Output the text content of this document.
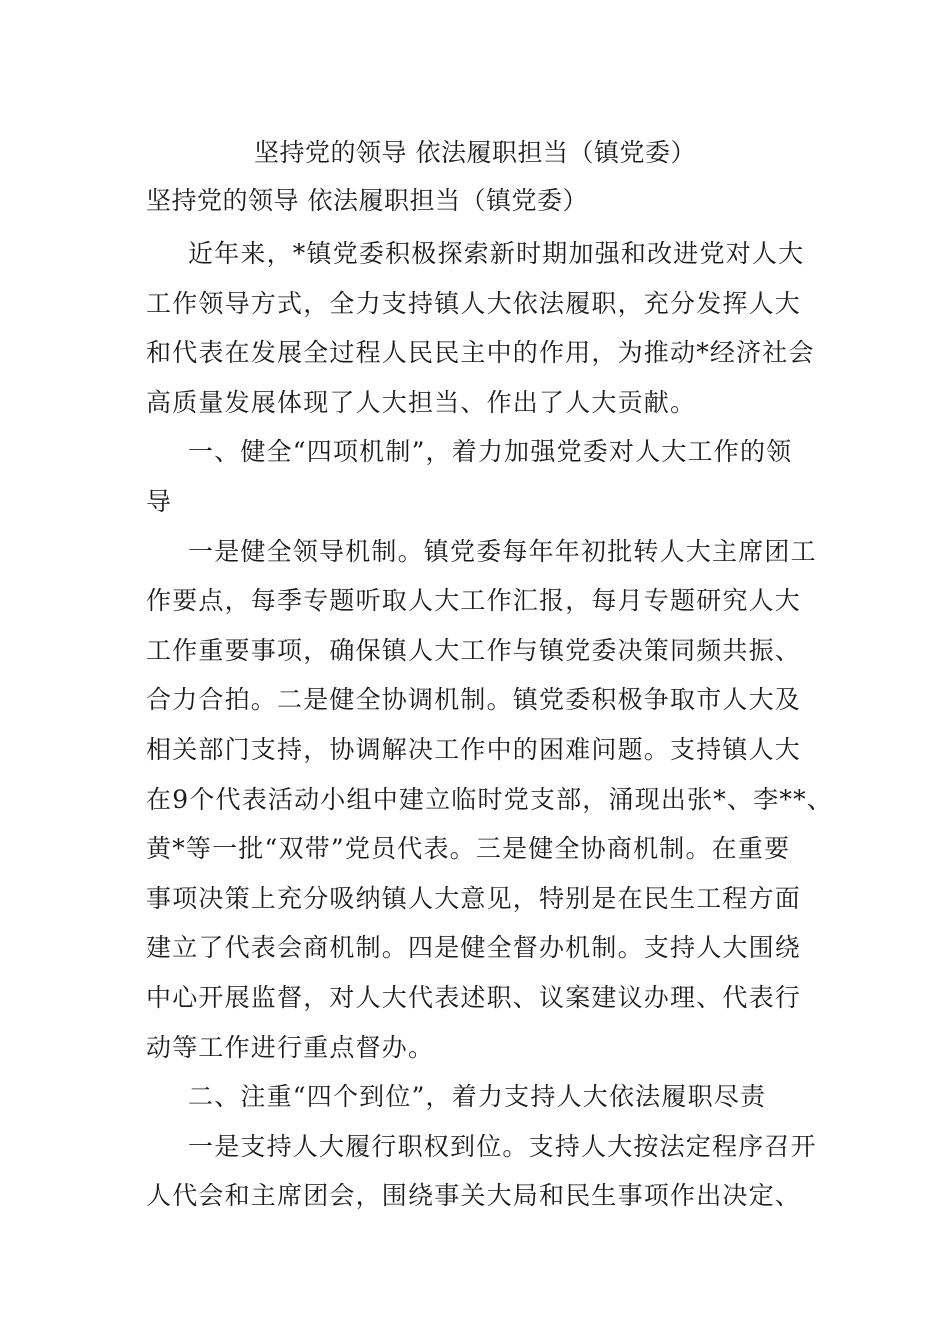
坚持党的领导 依法履职担当（镇党委）
坚持党的领导 依法履职担当（镇党委）
近年来，*镇党委积极探索新时期加强和改进党对人大
工作领导方式，全力支持镇人大依法履职，充分发挥人大
和代表在发展全过程人民民主中的作用，为推动*经济社会
高质量发展体现了人大担当、作出了人大贡献。
一、健全“四项机制”，着力加强党委对人大工作的领
导
一是健全领导机制。镇党委每年年初批转人大主席团工
作要点，每季专题听取人大工作汇报，每月专题研究人大
工作重要事项，确保镇人大工作与镇党委决策同频共振、
合力合拍。二是健全协调机制。镇党委积极争取市人大及
相关部门支持，协调解决工作中的困难问题。支持镇人大
在9个代表活动小组中建立临时党支部，涌现出张*、李**、
黄*等一批“双带”党员代表。三是健全协商机制。在重要
事项决策上充分吸纳镇人大意见，特别是在民生工程方面
建立了代表会商机制。四是健全督办机制。支持人大围绕
中心开展监督，对人大代表述职、议案建议办理、代表行
动等工作进行重点督办。
二、注重“四个到位”，着力支持人大依法履职尽责
一是支持人大履行职权到位。支持人大按法定程序召开
人代会和主席团会，围绕事关大局和民生事项作出决定、
